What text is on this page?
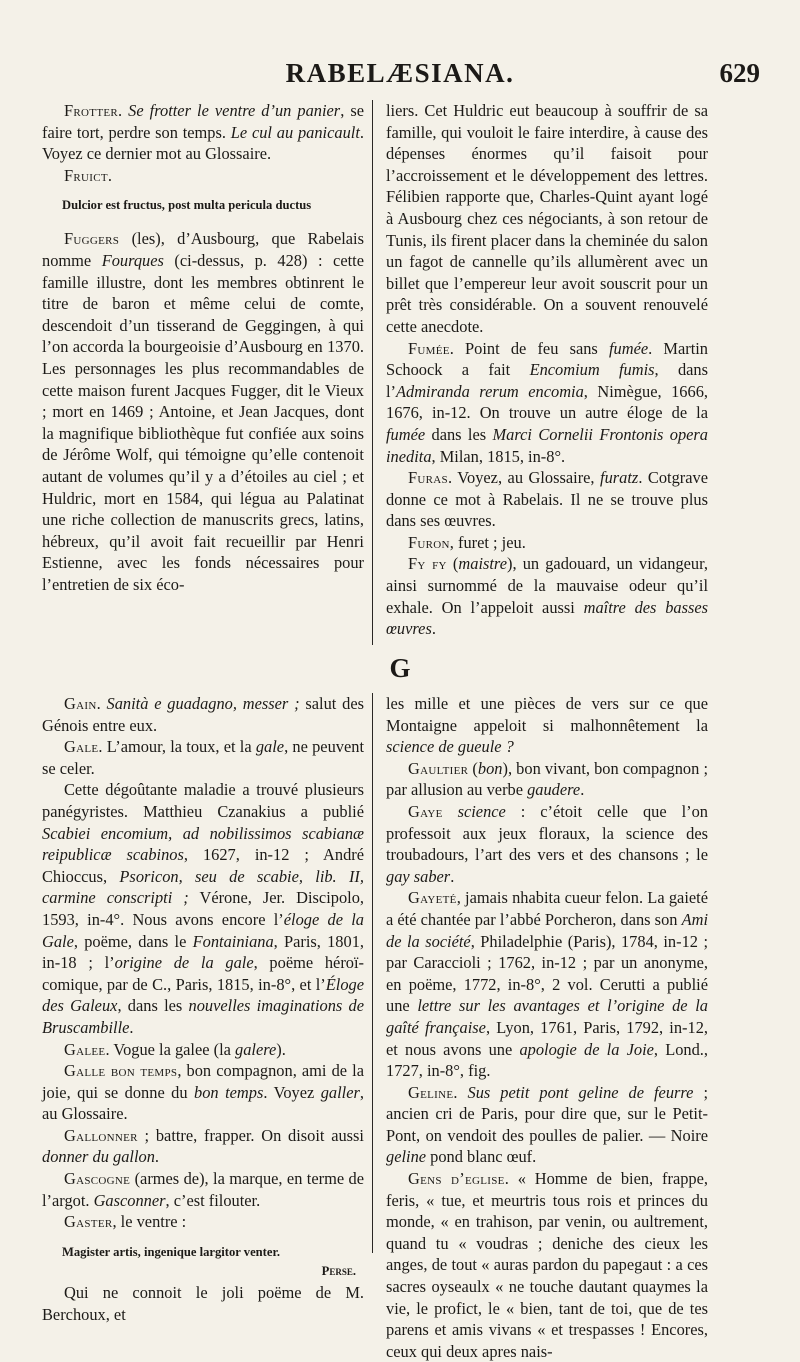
RABELÆSIANA.	629

Frotter. Se frotter le ventre d’un panier, se faire tort, perdre son temps. Le cul au panicault. Voyez ce dernier mot au Glossaire.

Fruict.

Dulcior est fructus, post multa pericula ductus

Fuggers (les), d’Ausbourg, que Rabelais nomme Fourques (ci-dessus, p. 428) : cette famille illustre, dont les membres obtinrent le titre de baron et même celui de comte, descendoit d’un tisserand de Geggingen, à qui l’on accorda la bourgeoisie d’Ausbourg en 1370. Les personnages les plus recommandables de cette maison furent Jacques Fugger, dit le Vieux ; mort en 1469 ; Antoine, et Jean Jacques, dont la magnifique bibliothèque fut confiée aux soins de Jérôme Wolf, qui témoigne qu’elle contenoit autant de volumes qu’il y a d’étoiles au ciel ; et Huldric, mort en 1584, qui légua au Palatinat une riche collection de manuscrits grecs, latins, hébreux, qu’il avoit fait recueillir par Henri Estienne, avec les fonds nécessaires pour l’entretien de six éco-

liers. Cet Huldric eut beaucoup à souffrir de sa famille, qui vouloit le faire interdire, à cause des dépenses énormes qu’il faisoit pour l’accroissement et le développement des lettres. Félibien rapporte que, Charles-Quint ayant logé à Ausbourg chez ces négociants, à son retour de Tunis, ils firent placer dans la cheminée du salon un fagot de cannelle qu’ils allumèrent avec un billet que l’empereur leur avoit souscrit pour un prêt très considérable. On a souvent renouvelé cette anecdote.

Fumée. Point de feu sans fumée. Martin Schoock a fait Encomium fumis, dans l’Admiranda rerum encomia, Nimègue, 1666, 1676, in-12. On trouve un autre éloge de la fumée dans les Marci Cornelii Frontonis opera inedita, Milan, 1815, in-8°.

Furas. Voyez, au Glossaire, furatz. Cotgrave donne ce mot à Rabelais. Il ne se trouve plus dans ses œuvres.

Furon, furet ; jeu.

Fy fy (maistre), un gadouard, un vidangeur, ainsi surnommé de la mauvaise odeur qu’il exhale. On l’appeloit aussi maître des basses œuvres.

G

Gain. Sanità e guadagno, messer ; salut des Génois entre eux.

Gale. L’amour, la toux, et la gale, ne peuvent se celer.

Cette dégoûtante maladie a trouvé plusieurs panégyristes. Matthieu Czanakius a publié Scabiei encomium, ad nobilissimos scabianæ reipublicæ scabinos, 1627, in-12 ; André Chioccus, Psoricon, seu de scabie, lib. II, carmine conscripti ; Vérone, Jer. Discipolo, 1593, in-4°. Nous avons encore l’éloge de la Gale, poëme, dans le Fontainiana, Paris, 1801, in-18 ; l’origine de la gale, poëme héroï-comique, par de C., Paris, 1815, in-8°, et l’Éloge des Galeux, dans les nouvelles imaginations de Bruscambille.

Galee. Vogue la galee (la galere).

Galle bon temps, bon compagnon, ami de la joie, qui se donne du bon temps. Voyez galler, au Glossaire.

Gallonner ; battre, frapper. On disoit aussi donner du gallon.

Gascogne (armes de), la marque, en terme de l’argot. Gasconner, c’est filouter.

Gaster, le ventre :

Magister artis, ingenique largitor venter.

Perse.

Qui ne connoit le joli poëme de M. Berchoux, et

les mille et une pièces de vers sur ce que Montaigne appeloit si malhonnêtement la science de gueule ?

Gaultier (bon), bon vivant, bon compagnon ; par allusion au verbe gaudere.

Gaye science : c’étoit celle que l’on professoit aux jeux floraux, la science des troubadours, l’art des vers et des chansons ; le gay saber.

Gayeté, jamais nhabita cueur felon. La gaieté a été chantée par l’abbé Porcheron, dans son Ami de la société, Philadelphie (Paris), 1784, in-12 ; par Caraccioli ; 1762, in-12 ; par un anonyme, en poëme, 1772, in-8°, 2 vol. Cerutti a publié une lettre sur les avantages et l’origine de la gaîté française, Lyon, 1761, Paris, 1792, in-12, et nous avons une apologie de la Joie, Lond., 1727, in-8°, fig.

Geline. Sus petit pont geline de feurre ; ancien cri de Paris, pour dire que, sur le Petit-Pont, on vendoit des poulles de palier. — Noire geline pond blanc œuf.

Gens d’eglise. « Homme de bien, frappe, feris, « tue, et meurtris tous rois et princes du monde, « en trahison, par venin, ou aultrement, quand tu « voudras ; deniche des cieux les anges, de tout « auras pardon du papegaut : a ces sacres oyseaulx « ne touche dautant quaymes la vie, le profict, le « bien, tant de toi, que de tes parens et amis vivans « et trespasses ! Encores, ceux qui deux apres nais-
